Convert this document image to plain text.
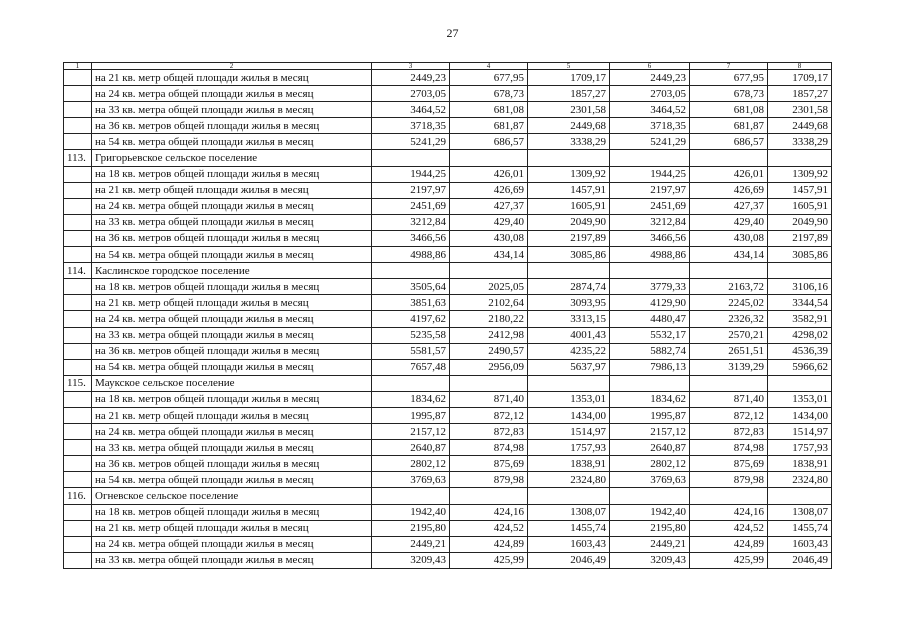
27
1	2	3	4	5	6	7	8
	на 21 кв. метр общей площади жилья в месяц	2449,23	677,95	1709,17	2449,23	677,95	1709,17
	на 24 кв. метра общей площади жилья в месяц	2703,05	678,73	1857,27	2703,05	678,73	1857,27
	на 33 кв. метра общей площади жилья в месяц	3464,52	681,08	2301,58	3464,52	681,08	2301,58
	на 36 кв. метров общей площади жилья в месяц	3718,35	681,87	2449,68	3718,35	681,87	2449,68
	на 54 кв. метра общей площади жилья в месяц	5241,29	686,57	3338,29	5241,29	686,57	3338,29
113.	Григорьевское сельское поселение						
	на 18 кв. метров общей площади жилья в месяц	1944,25	426,01	1309,92	1944,25	426,01	1309,92
	на 21 кв. метр общей площади жилья в месяц	2197,97	426,69	1457,91	2197,97	426,69	1457,91
	на 24 кв. метра общей площади жилья в месяц	2451,69	427,37	1605,91	2451,69	427,37	1605,91
	на 33 кв. метра общей площади жилья в месяц	3212,84	429,40	2049,90	3212,84	429,40	2049,90
	на 36 кв. метров общей площади жилья в месяц	3466,56	430,08	2197,89	3466,56	430,08	2197,89
	на 54 кв. метра общей площади жилья в месяц	4988,86	434,14	3085,86	4988,86	434,14	3085,86
114.	Каслинское городское поселение						
	на 18 кв. метров общей площади жилья в месяц	3505,64	2025,05	2874,74	3779,33	2163,72	3106,16
	на 21 кв. метр общей площади жилья в месяц	3851,63	2102,64	3093,95	4129,90	2245,02	3344,54
	на 24 кв. метра общей площади жилья в месяц	4197,62	2180,22	3313,15	4480,47	2326,32	3582,91
	на 33 кв. метра общей площади жилья в месяц	5235,58	2412,98	4001,43	5532,17	2570,21	4298,02
	на 36 кв. метров общей площади жилья в месяц	5581,57	2490,57	4235,22	5882,74	2651,51	4536,39
	на 54 кв. метра общей площади жилья в месяц	7657,48	2956,09	5637,97	7986,13	3139,29	5966,62
115.	Маукское сельское поселение						
	на 18 кв. метров общей площади жилья в месяц	1834,62	871,40	1353,01	1834,62	871,40	1353,01
	на 21 кв. метр общей площади жилья в месяц	1995,87	872,12	1434,00	1995,87	872,12	1434,00
	на 24 кв. метра общей площади жилья в месяц	2157,12	872,83	1514,97	2157,12	872,83	1514,97
	на 33 кв. метра общей площади жилья в месяц	2640,87	874,98	1757,93	2640,87	874,98	1757,93
	на 36 кв. метров общей площади жилья в месяц	2802,12	875,69	1838,91	2802,12	875,69	1838,91
	на 54 кв. метра общей площади жилья в месяц	3769,63	879,98	2324,80	3769,63	879,98	2324,80
116.	Огневское сельское поселение						
	на 18 кв. метров общей площади жилья в месяц	1942,40	424,16	1308,07	1942,40	424,16	1308,07
	на 21 кв. метр общей площади жилья в месяц	2195,80	424,52	1455,74	2195,80	424,52	1455,74
	на 24 кв. метра общей площади жилья в месяц	2449,21	424,89	1603,43	2449,21	424,89	1603,43
	на 33 кв. метра общей площади жилья в месяц	3209,43	425,99	2046,49	3209,43	425,99	2046,49
